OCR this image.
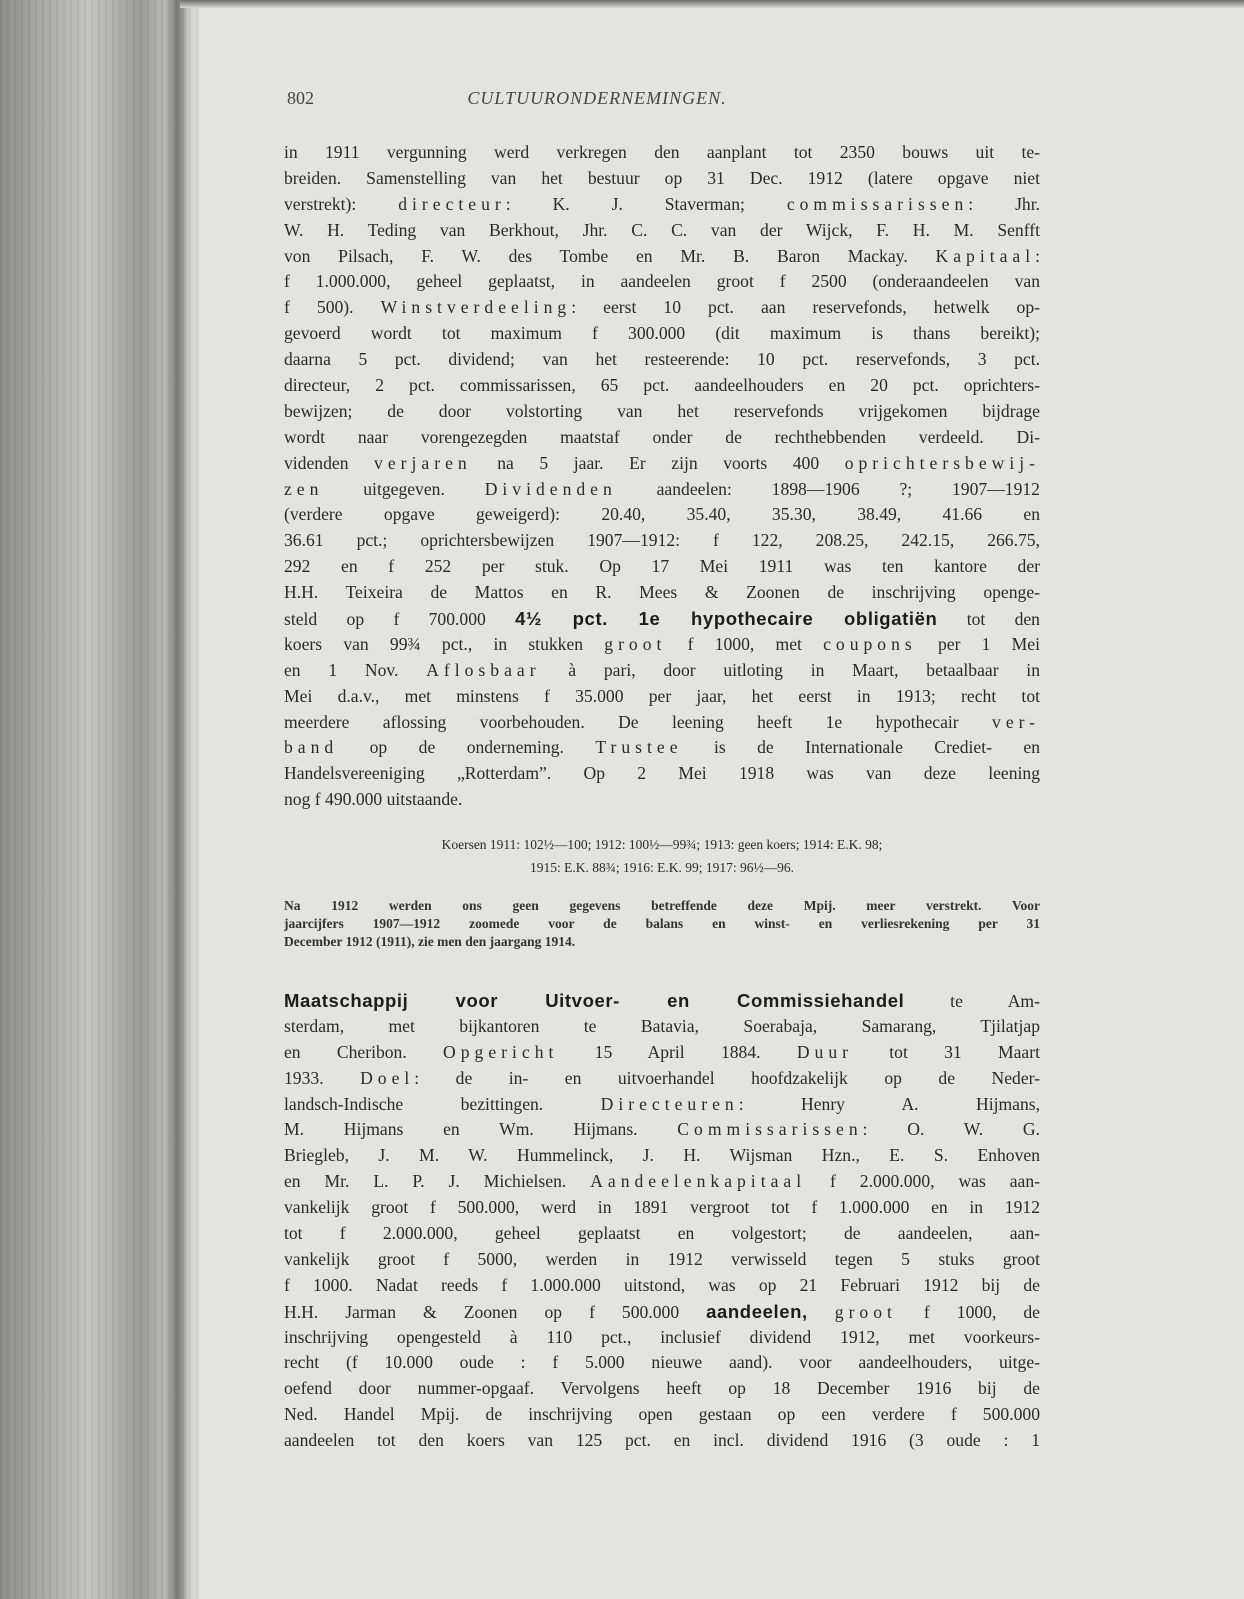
802	CULTUURONDERNEMINGEN.
in 1911 vergunning werd verkregen den aanplant tot 2350 bouws uit te-
breiden. Samenstelling van het bestuur op 31 Dec. 1912 (latere opgave niet
verstrekt): directeur: K. J. Staverman; commissarissen: Jhr.
W. H. Teding van Berkhout, Jhr. C. C. van der Wijck, F. H. M. Senfft
von Pilsach, F. W. des Tombe en Mr. B. Baron Mackay. Kapitaal:
f 1.000.000, geheel geplaatst, in aandeelen groot f 2500 (onderaandeelen van
f 500). Winstverdeeling: eerst 10 pct. aan reservefonds, hetwelk op-
gevoerd wordt tot maximum f 300.000 (dit maximum is thans bereikt);
daarna 5 pct. dividend; van het resteerende: 10 pct. reservefonds, 3 pct.
directeur, 2 pct. commissarissen, 65 pct. aandeelhouders en 20 pct. oprichters-
bewijzen; de door volstorting van het reservefonds vrijgekomen bijdrage
wordt naar vorengezegden maatstaf onder de rechthebbenden verdeeld. Di-
videnden verjaren na 5 jaar. Er zijn voorts 400 oprichtersbewij-
zen uitgegeven. Dividenden aandeelen: 1898—1906 ?; 1907—1912
(verdere opgave geweigerd): 20.40, 35.40, 35.30, 38.49, 41.66 en
36.61 pct.; oprichtersbewijzen 1907—1912: f 122, 208.25, 242.15, 266.75,
292 en f 252 per stuk. Op 17 Mei 1911 was ten kantore der
H.H. Teixeira de Mattos en R. Mees & Zoonen de inschrijving openge-
steld op f 700.000 4½ pct. 1e hypothecaire obligatiën tot den
koers van 99¾ pct., in stukken groot f 1000, met coupons per 1 Mei
en 1 Nov. Aflosbaar à pari, door uitloting in Maart, betaalbaar in
Mei d.a.v., met minstens f 35.000 per jaar, het eerst in 1913; recht tot
meerdere aflossing voorbehouden. De leening heeft 1e hypothecair ver-
band op de onderneming. Trustee is de Internationale Crediet- en
Handelsvereeniging „Rotterdam”. Op 2 Mei 1918 was van deze leening
nog f 490.000 uitstaande.
Koersen 1911: 102½—100; 1912: 100½—99¾; 1913: geen koers; 1914: E.K. 98;
1915: E.K. 88¾; 1916: E.K. 99; 1917: 96½—96.
Na 1912 werden ons geen gegevens betreffende deze Mpij. meer verstrekt. Voor
jaarcijfers 1907—1912 zoomede voor de balans en winst- en verliesrekening per 31
December 1912 (1911), zie men den jaargang 1914.
Maatschappij voor Uitvoer- en Commissiehandel te Am-
sterdam, met bijkantoren te Batavia, Soerabaja, Samarang, Tjilatjap
en Cheribon. Opgericht 15 April 1884. Duur tot 31 Maart
1933. Doel: de in- en uitvoerhandel hoofdzakelijk op de Neder-
landsch-Indische bezittingen. Directeuren: Henry A. Hijmans,
M. Hijmans en Wm. Hijmans. Commissarissen: O. W. G.
Briegleb, J. M. W. Hummelinck, J. H. Wijsman Hzn., E. S. Enhoven
en Mr. L. P. J. Michielsen. Aandeelenkapitaal f 2.000.000, was aan-
vankelijk groot f 500.000, werd in 1891 vergroot tot f 1.000.000 en in 1912
tot f 2.000.000, geheel geplaatst en volgestort; de aandeelen, aan-
vankelijk groot f 5000, werden in 1912 verwisseld tegen 5 stuks groot
f 1000. Nadat reeds f 1.000.000 uitstond, was op 21 Februari 1912 bij de
H.H. Jarman & Zoonen op f 500.000 aandeelen, groot f 1000, de
inschrijving opengesteld à 110 pct., inclusief dividend 1912, met voorkeurs-
recht (f 10.000 oude : f 5.000 nieuwe aand). voor aandeelhouders, uitge-
oefend door nummer-opgaaf. Vervolgens heeft op 18 December 1916 bij de
Ned. Handel Mpij. de inschrijving open gestaan op een verdere f 500.000
aandeelen tot den koers van 125 pct. en incl. dividend 1916 (3 oude : 1
